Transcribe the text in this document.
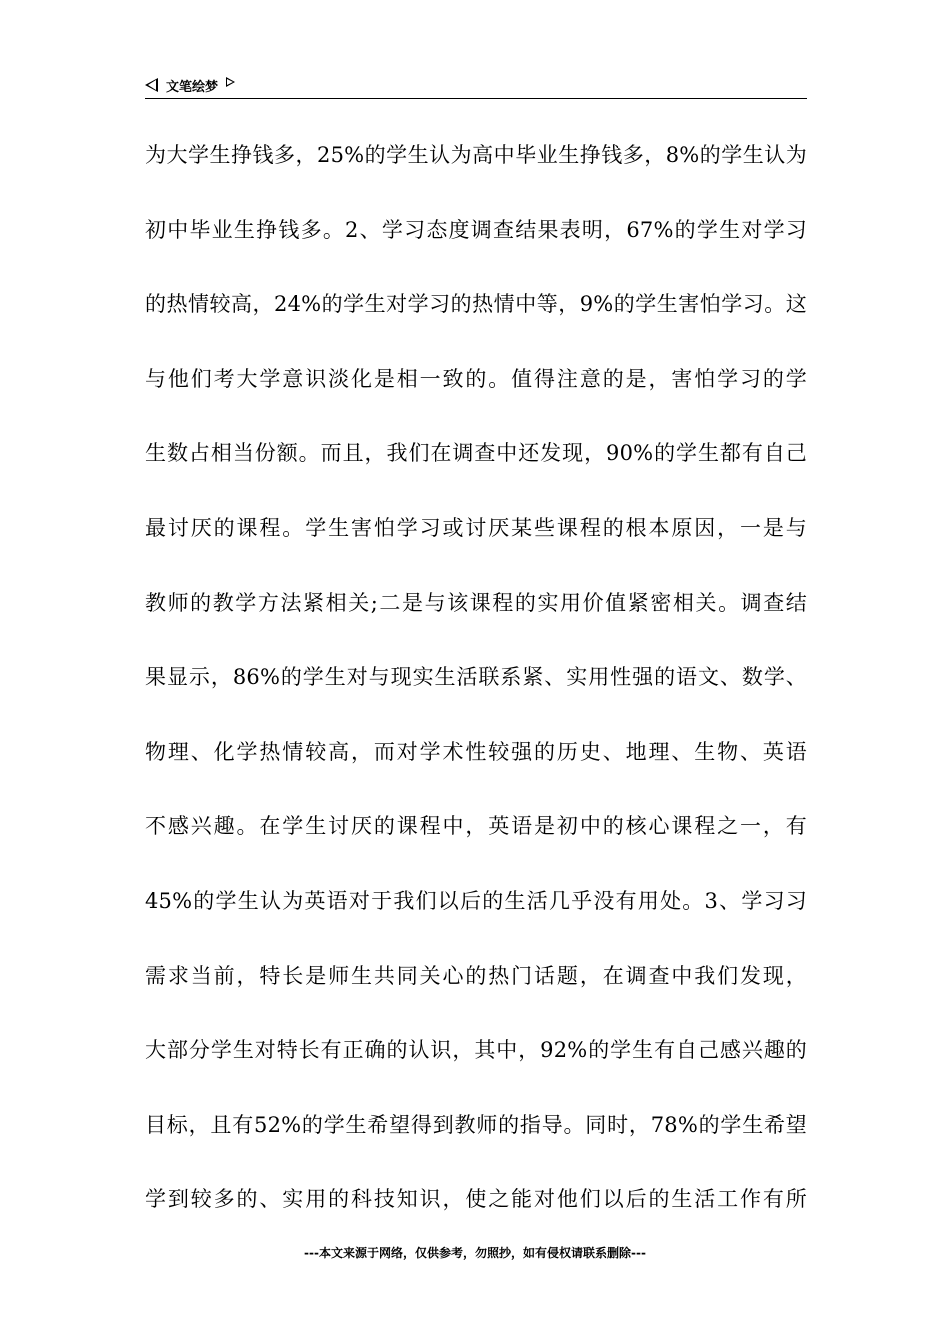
文笔绘梦
为大学生挣钱多，25%的学生认为高中毕业生挣钱多，8%的学生认为
初中毕业生挣钱多。2、学习态度调查结果表明，67%的学生对学习
的热情较高，24%的学生对学习的热情中等，9%的学生害怕学习。这
与他们考大学意识淡化是相一致的。值得注意的是，害怕学习的学
生数占相当份额。而且，我们在调查中还发现，90%的学生都有自己
最讨厌的课程。学生害怕学习或讨厌某些课程的根本原因，一是与
教师的教学方法紧相关;二是与该课程的实用价值紧密相关。调查结
果显示，86%的学生对与现实生活联系紧、实用性强的语文、数学、
物理、化学热情较高，而对学术性较强的历史、地理、生物、英语
不感兴趣。在学生讨厌的课程中，英语是初中的核心课程之一，有
45%的学生认为英语对于我们以后的生活几乎没有用处。3、学习习
需求当前，特长是师生共同关心的热门话题，在调查中我们发现，
大部分学生对特长有正确的认识，其中，92%的学生有自己感兴趣的
目标，且有52%的学生希望得到教师的指导。同时，78%的学生希望
学到较多的、实用的科技知识，使之能对他们以后的生活工作有所
---本文来源于网络，仅供参考，勿照抄，如有侵权请联系删除---
